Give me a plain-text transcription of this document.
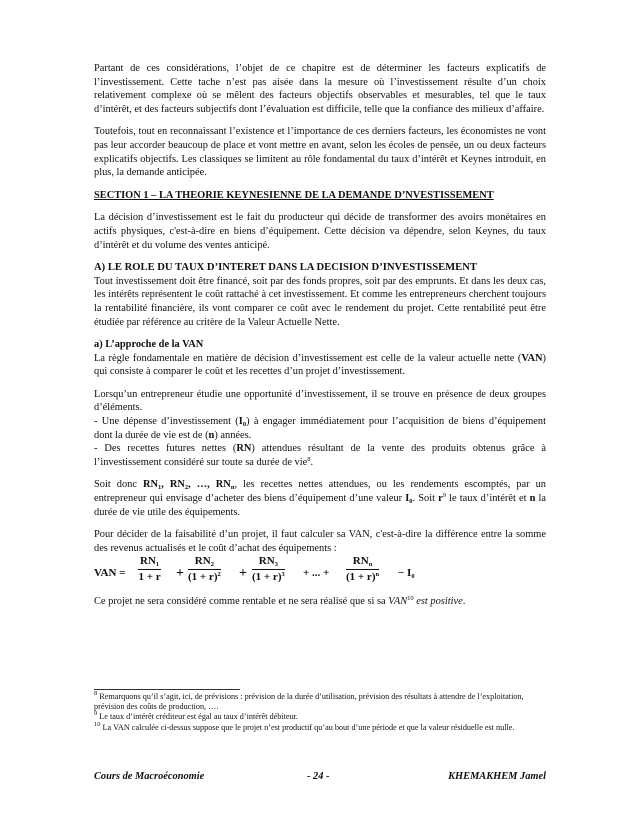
Partant de ces considérations, l’objet de ce chapitre est de déterminer les facteurs explicatifs de l’investissement. Cette tache n’est pas aisée dans la mesure où l’investissement résulte d’un choix relativement complexe où se mêlent des facteurs objectifs observables et mesurables, tel que le taux d’intérêt, et des facteurs subjectifs dont l’évaluation est difficile, telle que la confiance des milieux d’affaire.

Toutefois, tout en reconnaissant l’existence et l’importance de ces derniers facteurs, les économistes ne vont pas leur accorder beaucoup de place et vont mettre en avant, selon les écoles de pensée, un ou deux facteurs explicatifs objectifs. Les classiques se limitent au rôle fondamental du taux d’intérêt et Keynes introduit, en plus, la demande anticipée.

SECTION 1 – LA THEORIE KEYNESIENNE DE LA DEMANDE D’NVESTISSEMENT

La décision d’investissement est le fait du producteur qui décide de transformer des avoirs monétaires en actifs physiques, c'est-à-dire en biens d’équipement. Cette décision va dépendre, selon Keynes, du taux d’intérêt et du volume des ventes anticipé.

A) LE ROLE DU TAUX D’INTERET DANS LA DECISION D’INVESTISSEMENT

Tout investissement doit être financé, soit par des fonds propres, soit par des emprunts. Et dans les deux cas, les intérêts représentent le coût rattaché à cet investissement. Et comme les entrepreneurs cherchent toujours la rentabilité financière, ils vont comparer ce coût avec le rendement du projet. Cette rentabilité peut être étudiée par référence au critère de la Valeur Actuelle Nette.

a) L’approche de la VAN

La règle fondamentale en matière de décision d’investissement est celle de la valeur actuelle nette (VAN) qui consiste à comparer le coût et les recettes d’un projet d’investissement.

Lorsqu’un entrepreneur étudie une opportunité d’investissement, il se trouve en présence de deux groupes d’éléments.

- Une dépense d’investissement $(I_0)$ à engager immédiatement pour l’acquisition de biens d’équipement dont la durée de vie est de (n) années.

- Des recettes futures nettes (RN) attendues résultant de la vente des produits obtenus grâce à l’investissement considéré sur toute sa durée de vie$^8$.

Soit donc $RN_1$, $RN_2$, …, $RN_n$, les recettes nettes attendues, ou les rendements escomptés, par un entrepreneur qui envisage d’acheter des biens d’équipement d’une valeur $I_0$. Soit $r^9$ le taux d’intérêt et n la durée de vie utile des équipements.

Pour décider de la faisabilité d’un projet, il faut calculer sa VAN, c'est-à-dire la différence entre la somme des revenus actualisés et le coût d’achat des équipements :

VAN = $\frac{RN_1}{1 + r} + \frac{RN_2}{(1 + r)^2} + \frac{RN_3}{(1 + r)^3}$ + ... +
$RN_n$
$(1 + r)^n - I_0$

Ce projet ne sera considéré comme rentable et ne sera réalisé que si sa VAN$^{10}$ est positive.

$^8$ Remarquons qu’il s’agit, ici, de prévisions : prévision de la durée d’utilisation, prévision des résultats à attendre de l’exploitation, prévision des coûts de production, ….

$^9$ Le taux d’intérêt créditeur est égal au taux d’intérêt débiteur.

$^{10}$ La VAN calculée ci-dessus suppose que le projet n’est productif qu’au bout d’une période et que la valeur résiduelle est nulle.

Cours de Macroéconomie	- 24 -	KHEMAKHEM Jamel
